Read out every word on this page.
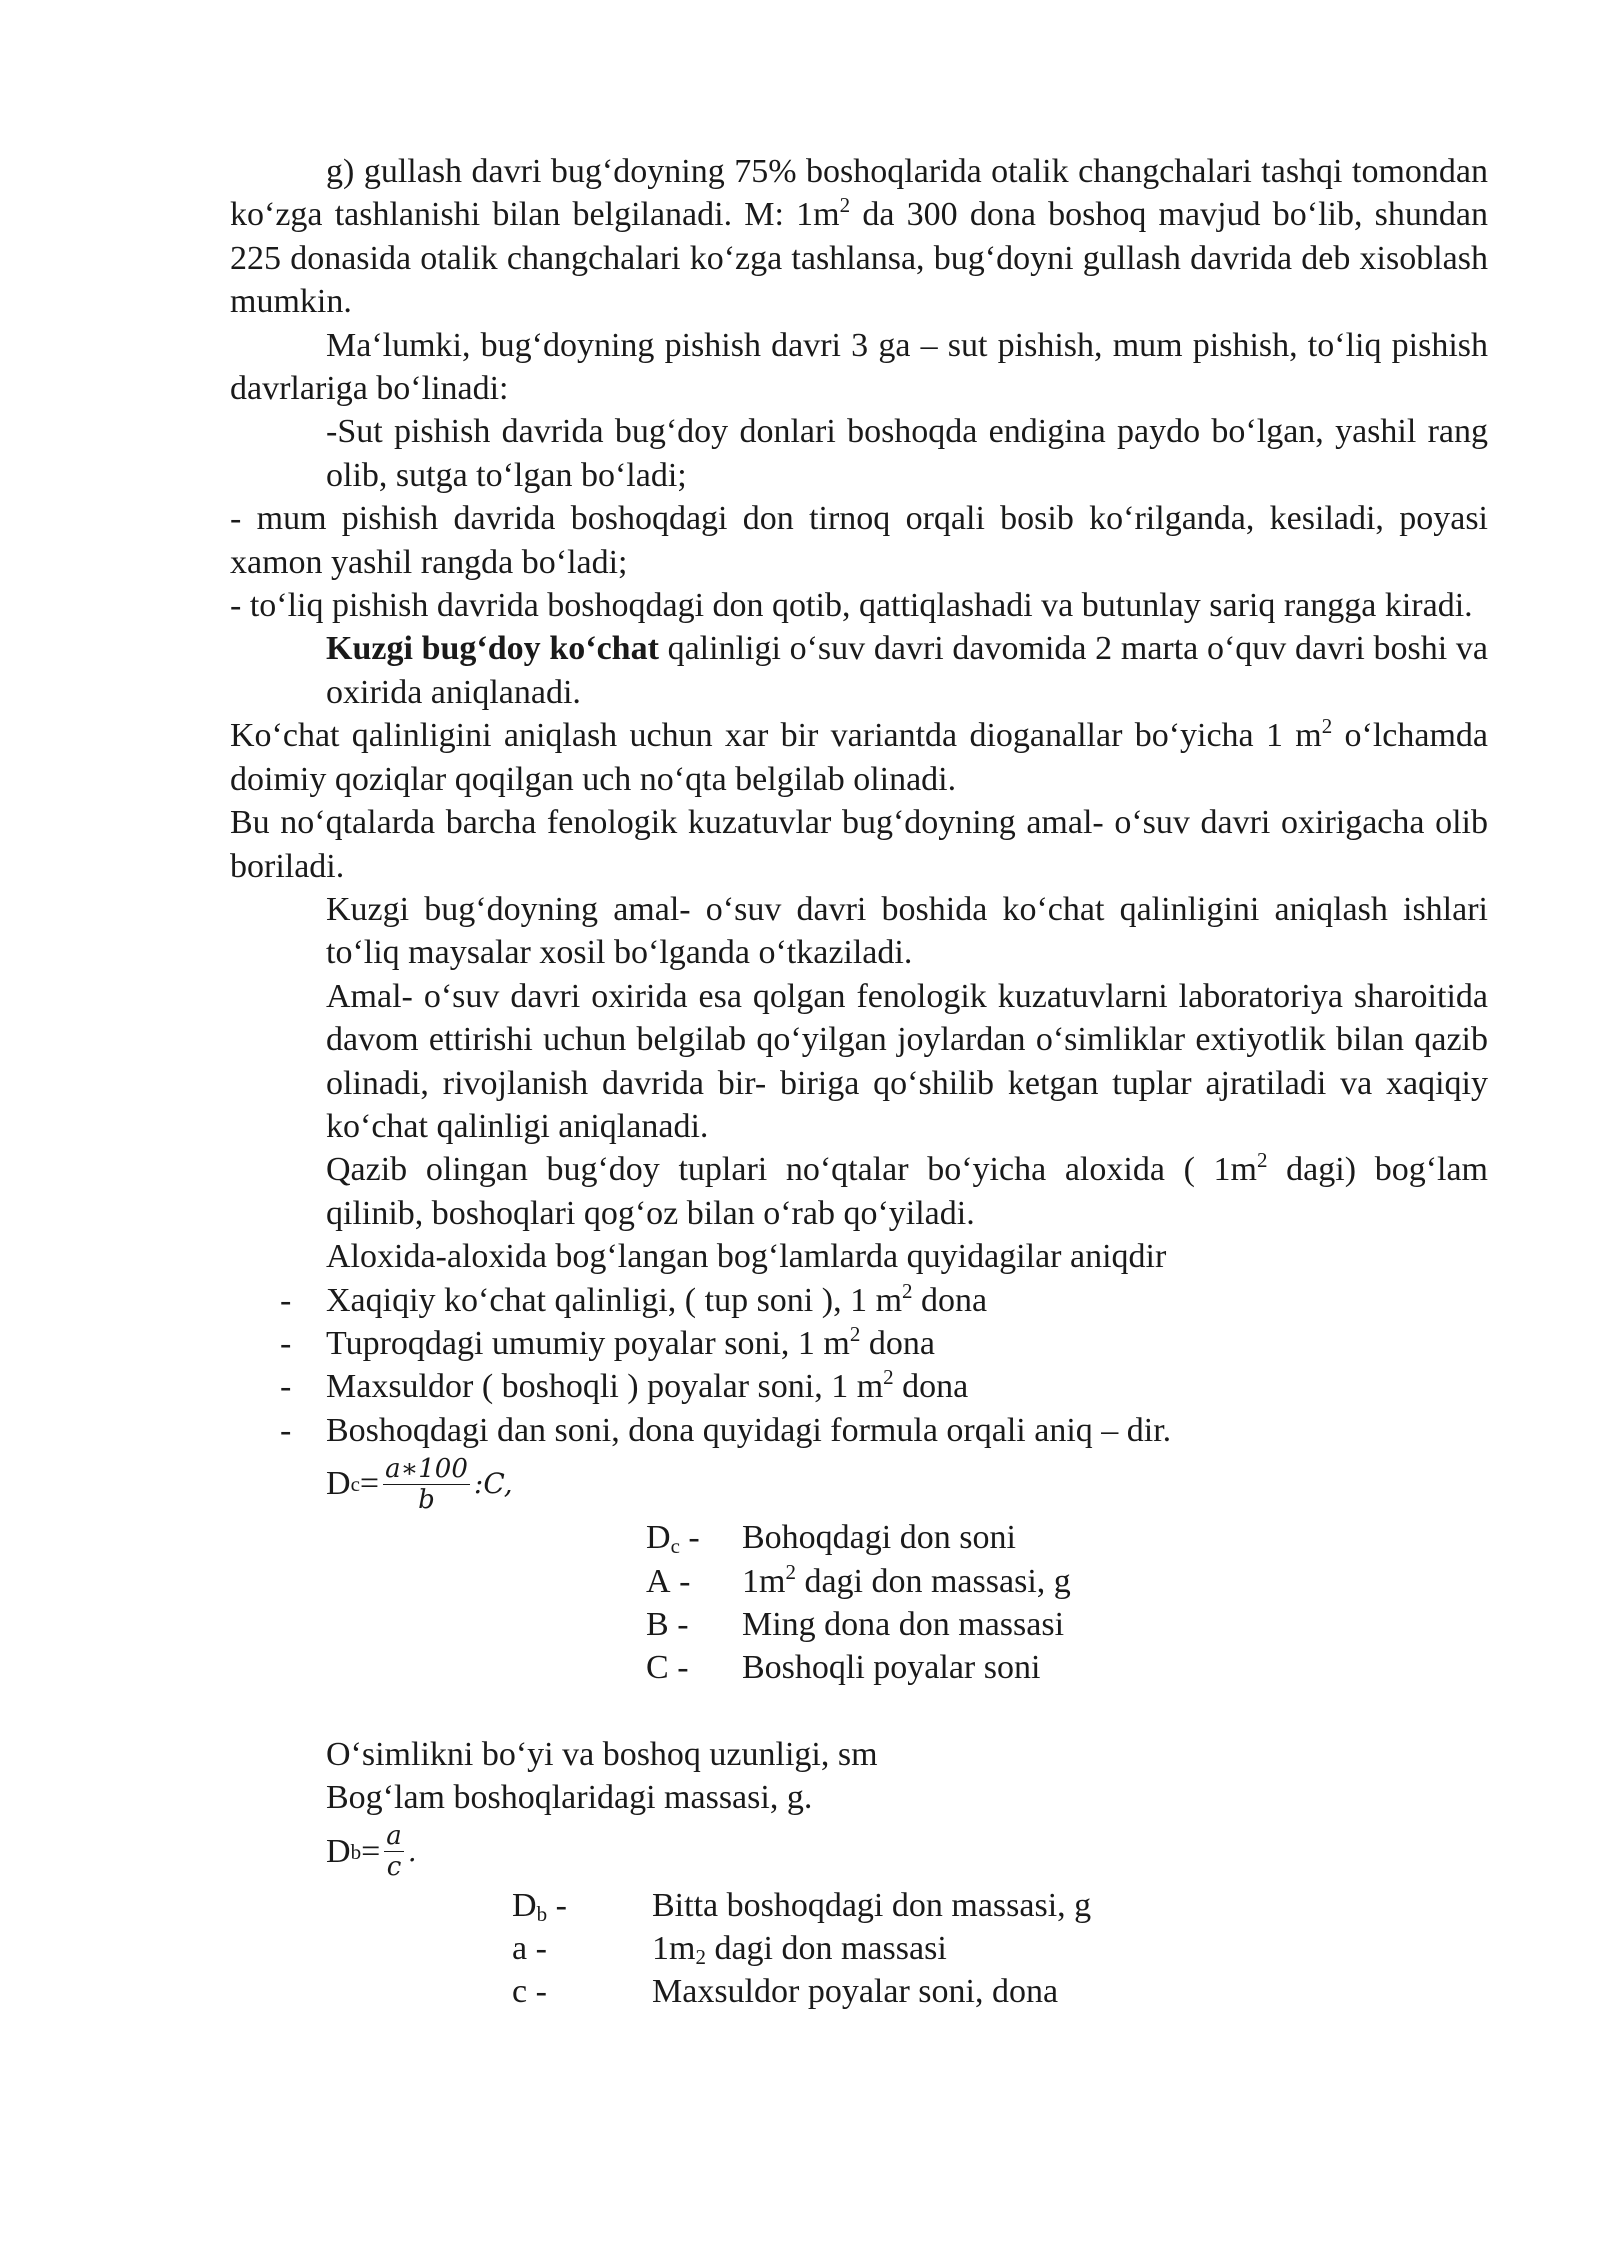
g) gullash davri bug‘doyning 75% boshoqlarida otalik changchalari tashqi tomondan ko‘zga tashlanishi bilan belgilanadi. M: $1m^2$ da 300 dona boshoq mavjud bo‘lib, shundan 225 donasida otalik changchalari ko‘zga tashlansa, bug‘doyni gullash davrida deb xisoblash mumkin.

Ma‘lumki, bug‘doyning pishish davri 3 ga – sut pishish, mum pishish, to‘liq pishish davrlariga bo‘linadi:

-Sut pishish davrida bug‘doy donlari boshoqda endigina paydo bo‘lgan, yashil rang olib, sutga to‘lgan bo‘ladi;

- mum pishish davrida boshoqdagi don tirnoq orqali bosib ko‘rilganda, kesiladi, poyasi xamon yashil rangda bo‘ladi;

- to‘liq pishish davrida boshoqdagi don qotib, qattiqlashadi va butunlay sariq rangga kiradi.

Kuzgi bug‘doy ko‘chat qalinligi o‘suv davri davomida 2 marta o‘quv davri boshi va oxirida aniqlanadi.

Ko‘chat qalinligini aniqlash uchun xar bir variantda dioganallar bo‘yicha 1 $m^2$ o‘lchamda doimiy qoziqlar qoqilgan uch no‘qta belgilab olinadi.

Bu no‘qtalarda barcha fenologik kuzatuvlar bug‘doyning amal- o‘suv davri oxirigacha olib boriladi.

Kuzgi bug‘doyning amal- o‘suv davri boshida ko‘chat qalinligini aniqlash ishlari to‘liq maysalar xosil bo‘lganda o‘tkaziladi.

Amal- o‘suv davri oxirida esa qolgan fenologik kuzatuvlarni laboratoriya sharoitida davom ettirishi uchun belgilab qo‘yilgan joylardan o‘simliklar extiyotlik bilan qazib olinadi, rivojlanish davrida bir- biriga qo‘shilib ketgan tuplar ajratiladi va xaqiqiy ko‘chat qalinligi aniqlanadi.

Qazib olingan bug‘doy tuplari no‘qtalar bo‘yicha aloxida ( $1m^2$ dagi) bog‘lam qilinib, boshoqlari qog‘oz bilan o‘rab qo‘yiladi.

Aloxida-aloxida bog‘langan bog‘lamlarda quyidagilar aniqdir

- Xaqiqiy ko‘chat qalinligi, ( tup soni ), 1 $m^2$ dona

- Tuproqdagi umumiy poyalar soni, 1 $m^2$ dona

- Maxsuldor ( boshoqli ) poyalar soni, 1 $m^2$ dona

- Boshoqdagi dan soni, dona quyidagi formula orqali aniq – dir.

D $c = \frac{a∗100}{b}$ :C,
$D_c$ -	Bohoqdagi don soni
A -	$1m^2$ dagi don massasi, g
B -	Ming dona don massasi
C -	Boshoqli poyalar soni

O‘simlikni bo‘yi va boshoq uzunligi, sm

Bog‘lam boshoqlaridagi massasi, g.

D $b = \frac{a}{c}$ .
$D_b$ -	Bitta boshoqdagi don massasi, g
a -	$1m_2$ dagi don massasi
c -	Maxsuldor poyalar soni, dona
